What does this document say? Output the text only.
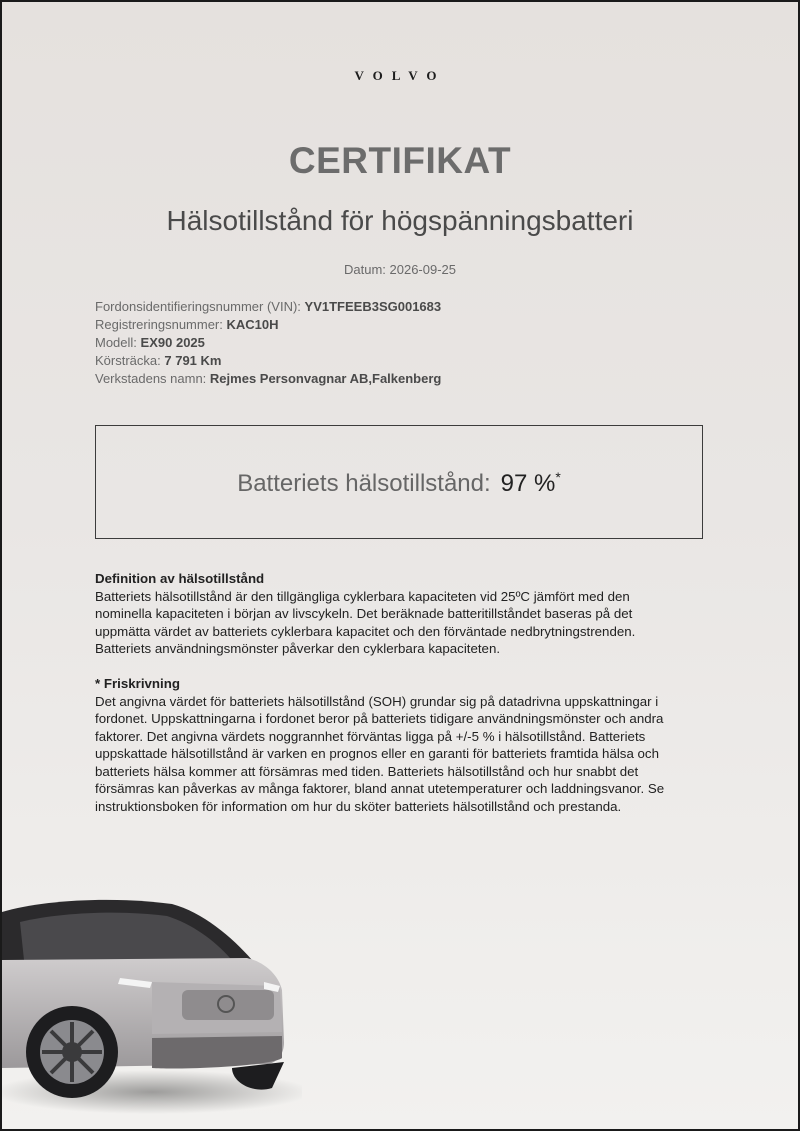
VOLVO
CERTIFIKAT
Hälsotillstånd för högspänningsbatteri
Datum: 2026-09-25
Fordonsidentifieringsnummer (VIN): YV1TFEEB3SG001683
Registreringsnummer: KAC10H
Modell: EX90 2025
Körsträcka: 7 791 Km
Verkstadens namn: Rejmes Personvagnar AB,Falkenberg
Batteriets hälsotillstånd: 97 %*
Definition av hälsotillstånd
Batteriets hälsotillstånd är den tillgängliga cyklerbara kapaciteten vid 25ºC jämfört med den
nominella kapaciteten i början av livscykeln. Det beräknade batteritillståndet baseras på det
uppmätta värdet av batteriets cyklerbara kapacitet och den förväntade nedbrytningstrenden.
Batteriets användningsmönster påverkar den cyklerbara kapaciteten.
* Friskrivning
Det angivna värdet för batteriets hälsotillstånd (SOH) grundar sig på datadrivna uppskattningar i
fordonet. Uppskattningarna i fordonet beror på batteriets tidigare användningsmönster och andra
faktorer. Det angivna värdets noggrannhet förväntas ligga på +/-5 % i hälsotillstånd. Batteriets
uppskattade hälsotillstånd är varken en prognos eller en garanti för batteriets framtida hälsa och
batteriets hälsa kommer att försämras med tiden. Batteriets hälsotillstånd och hur snabbt det
försämras kan påverkas av många faktorer, bland annat utetemperaturer och laddningsvanor. Se
instruktionsboken för information om hur du sköter batteriets hälsotillstånd och prestanda.
